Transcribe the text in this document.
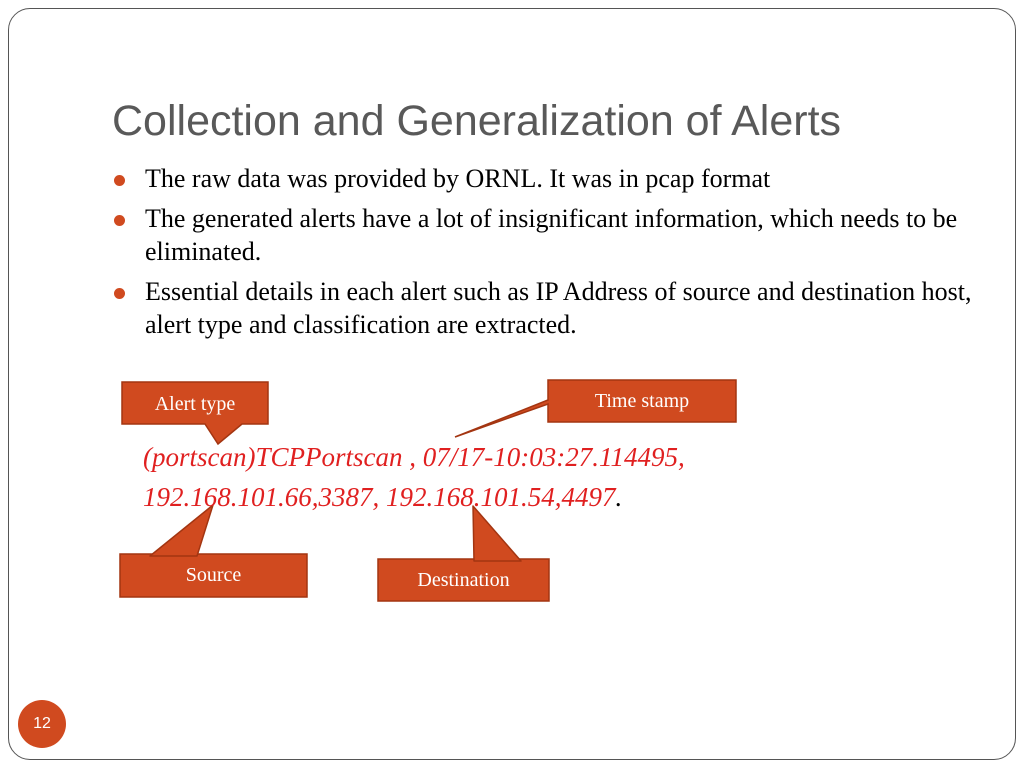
Collection and Generalization of Alerts
The raw data was provided by ORNL. It was in pcap format
The generated alerts have a lot of insignificant information, which needs to be eliminated.
Essential details in each alert such as IP Address of source and destination host, alert type and classification are extracted.
Alert type	Time stamp
Source	Destination

(portscan)TCPPortscan , 07/17-10:03:27.114495,

192.168.101.66,3387, 192.168.101.54,4497.

12
